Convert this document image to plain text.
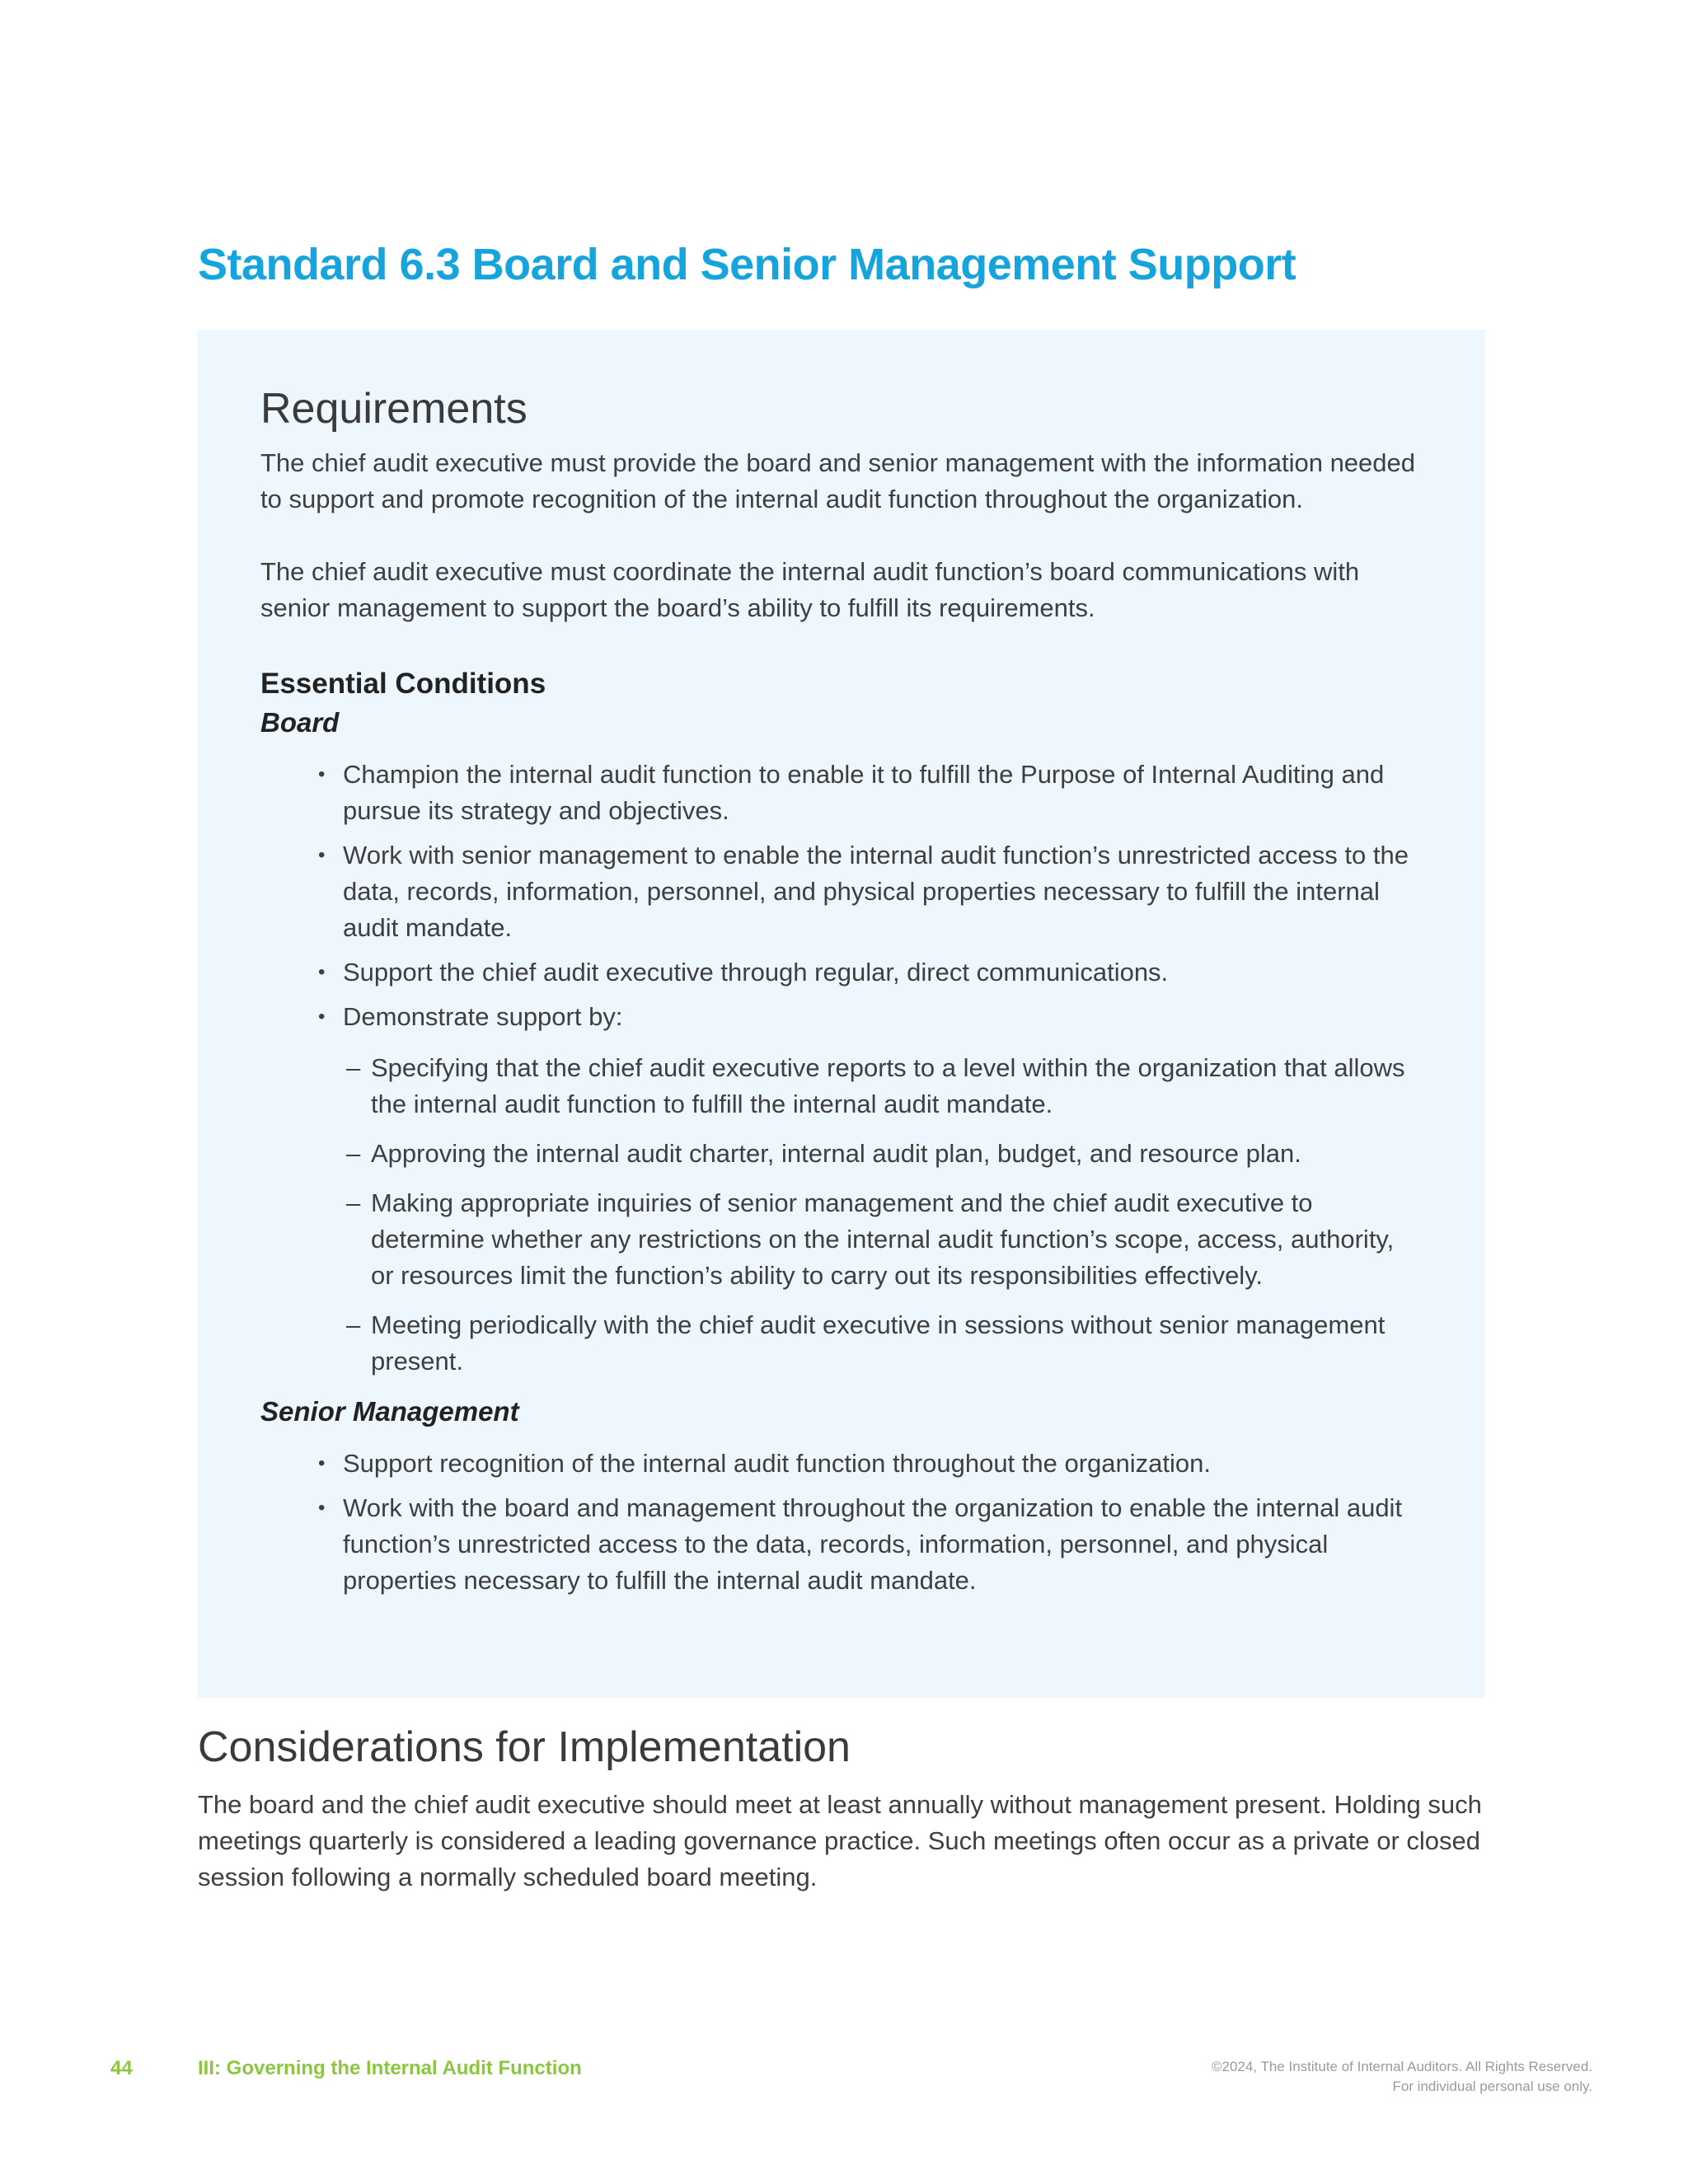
Standard 6.3 Board and Senior Management Support
Requirements

The chief audit executive must provide the board and senior management with the information needed to support and promote recognition of the internal audit function throughout the organization.

The chief audit executive must coordinate the internal audit function’s board communications with senior management to support the board’s ability to fulfill its requirements.

Essential Conditions
Board
• Champion the internal audit function to enable it to fulfill the Purpose of Internal Auditing and pursue its strategy and objectives.
• Work with senior management to enable the internal audit function’s unrestricted access to the data, records, information, personnel, and physical properties necessary to fulfill the internal audit mandate.
• Support the chief audit executive through regular, direct communications.
• Demonstrate support by:
– Specifying that the chief audit executive reports to a level within the organization that allows the internal audit function to fulfill the internal audit mandate.
– Approving the internal audit charter, internal audit plan, budget, and resource plan.
– Making appropriate inquiries of senior management and the chief audit executive to determine whether any restrictions on the internal audit function’s scope, access, authority, or resources limit the function’s ability to carry out its responsibilities effectively.
– Meeting periodically with the chief audit executive in sessions without senior management present.
Senior Management
• Support recognition of the internal audit function throughout the organization.
• Work with the board and management throughout the organization to enable the internal audit function’s unrestricted access to the data, records, information, personnel, and physical properties necessary to fulfill the internal audit mandate.
Considerations for Implementation

The board and the chief audit executive should meet at least annually without management present. Holding such meetings quarterly is considered a leading governance practice. Such meetings often occur as a private or closed session following a normally scheduled board meeting.

44	III: Governing the Internal Audit Function	©2024, The Institute of Internal Auditors. All Rights Reserved.
For individual personal use only.
